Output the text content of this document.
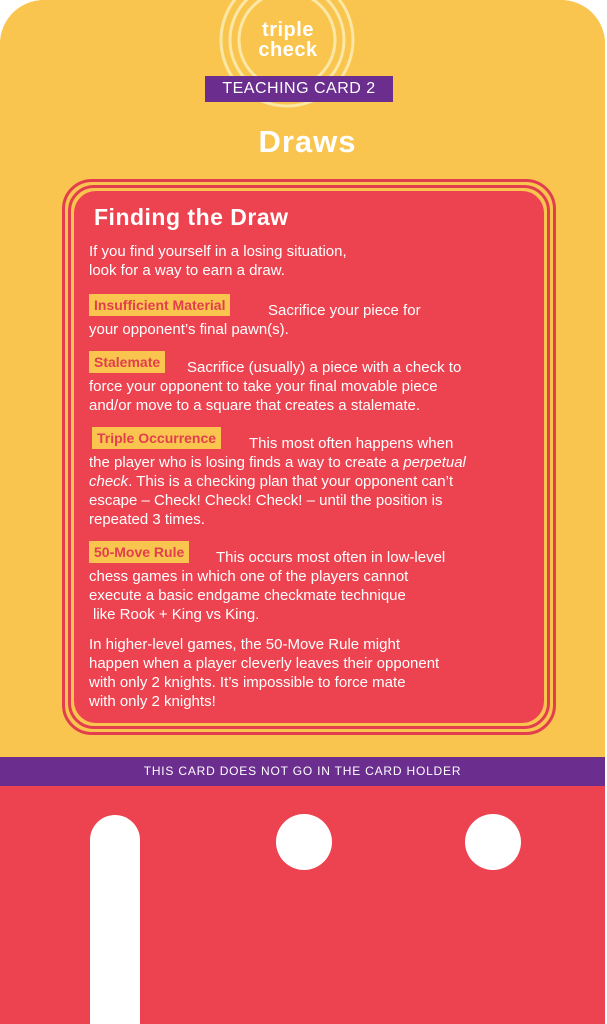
triple
check
TEACHING CARD 2
Draws
Finding the Draw
If you find yourself in a losing situation,
look for a way to earn a draw.
Insufficient Material	Sacrifice your piece for
your opponent’s final pawn(s).
Stalemate	Sacrifice (usually) a piece with a check to
force your opponent to take your final movable piece
and/or move to a square that creates a stalemate.
Triple Occurrence	This most often happens when
the player who is losing finds a way to create a perpetual
check. This is a checking plan that your opponent can’t
escape – Check! Check! Check! – until the position is
repeated 3 times.
50-Move Rule	This occurs most often in low-level
chess games in which one of the players cannot
execute a basic endgame checkmate technique
like Rook + King vs King.
In higher-level games, the 50-Move Rule might
happen when a player cleverly leaves their opponent
with only 2 knights. It’s impossible to force mate
with only 2 knights!
THIS CARD DOES NOT GO IN THE CARD HOLDER
